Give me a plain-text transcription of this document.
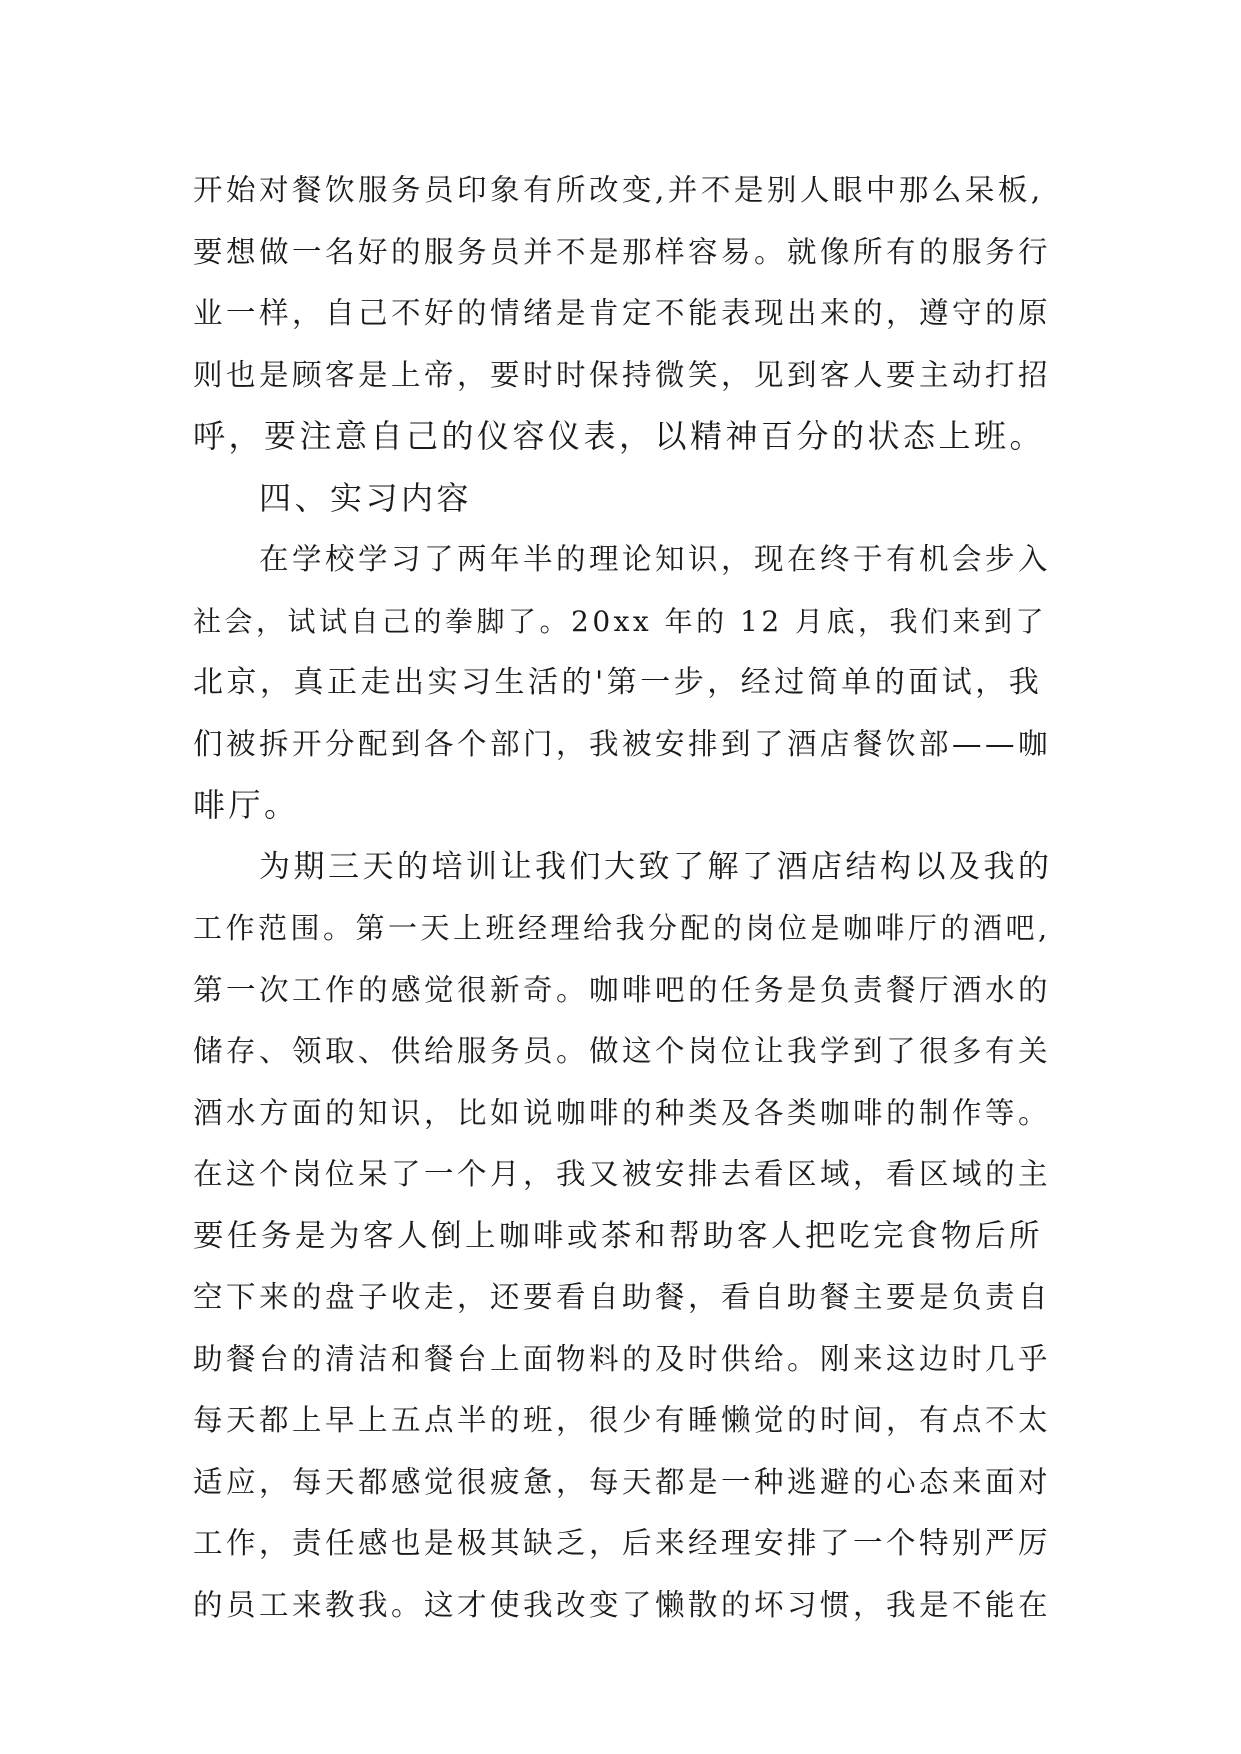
开始对餐饮服务员印象有所改变,并不是别人眼中那么呆板,
要想做一名好的服务员并不是那样容易。就像所有的服务行
业一样，自己不好的情绪是肯定不能表现出来的，遵守的原
则也是顾客是上帝，要时时保持微笑，见到客人要主动打招
呼，要注意自己的仪容仪表，以精神百分的状态上班。
四、实习内容
在学校学习了两年半的理论知识，现在终于有机会步入
社会，试试自己的拳脚了。20xx 年的 12 月底，我们来到了
北京，真正走出实习生活的'第一步，经过简单的面试，我
们被拆开分配到各个部门，我被安排到了酒店餐饮部——咖
啡厅。
为期三天的培训让我们大致了解了酒店结构以及我的
工作范围。第一天上班经理给我分配的岗位是咖啡厅的酒吧,
第一次工作的感觉很新奇。咖啡吧的任务是负责餐厅酒水的
储存、领取、供给服务员。做这个岗位让我学到了很多有关
酒水方面的知识，比如说咖啡的种类及各类咖啡的制作等。
在这个岗位呆了一个月，我又被安排去看区域，看区域的主
要任务是为客人倒上咖啡或茶和帮助客人把吃完食物后所
空下来的盘子收走，还要看自助餐，看自助餐主要是负责自
助餐台的清洁和餐台上面物料的及时供给。刚来这边时几乎
每天都上早上五点半的班，很少有睡懒觉的时间，有点不太
适应，每天都感觉很疲惫，每天都是一种逃避的心态来面对
工作，责任感也是极其缺乏，后来经理安排了一个特别严厉
的员工来教我。这才使我改变了懒散的坏习惯，我是不能在
